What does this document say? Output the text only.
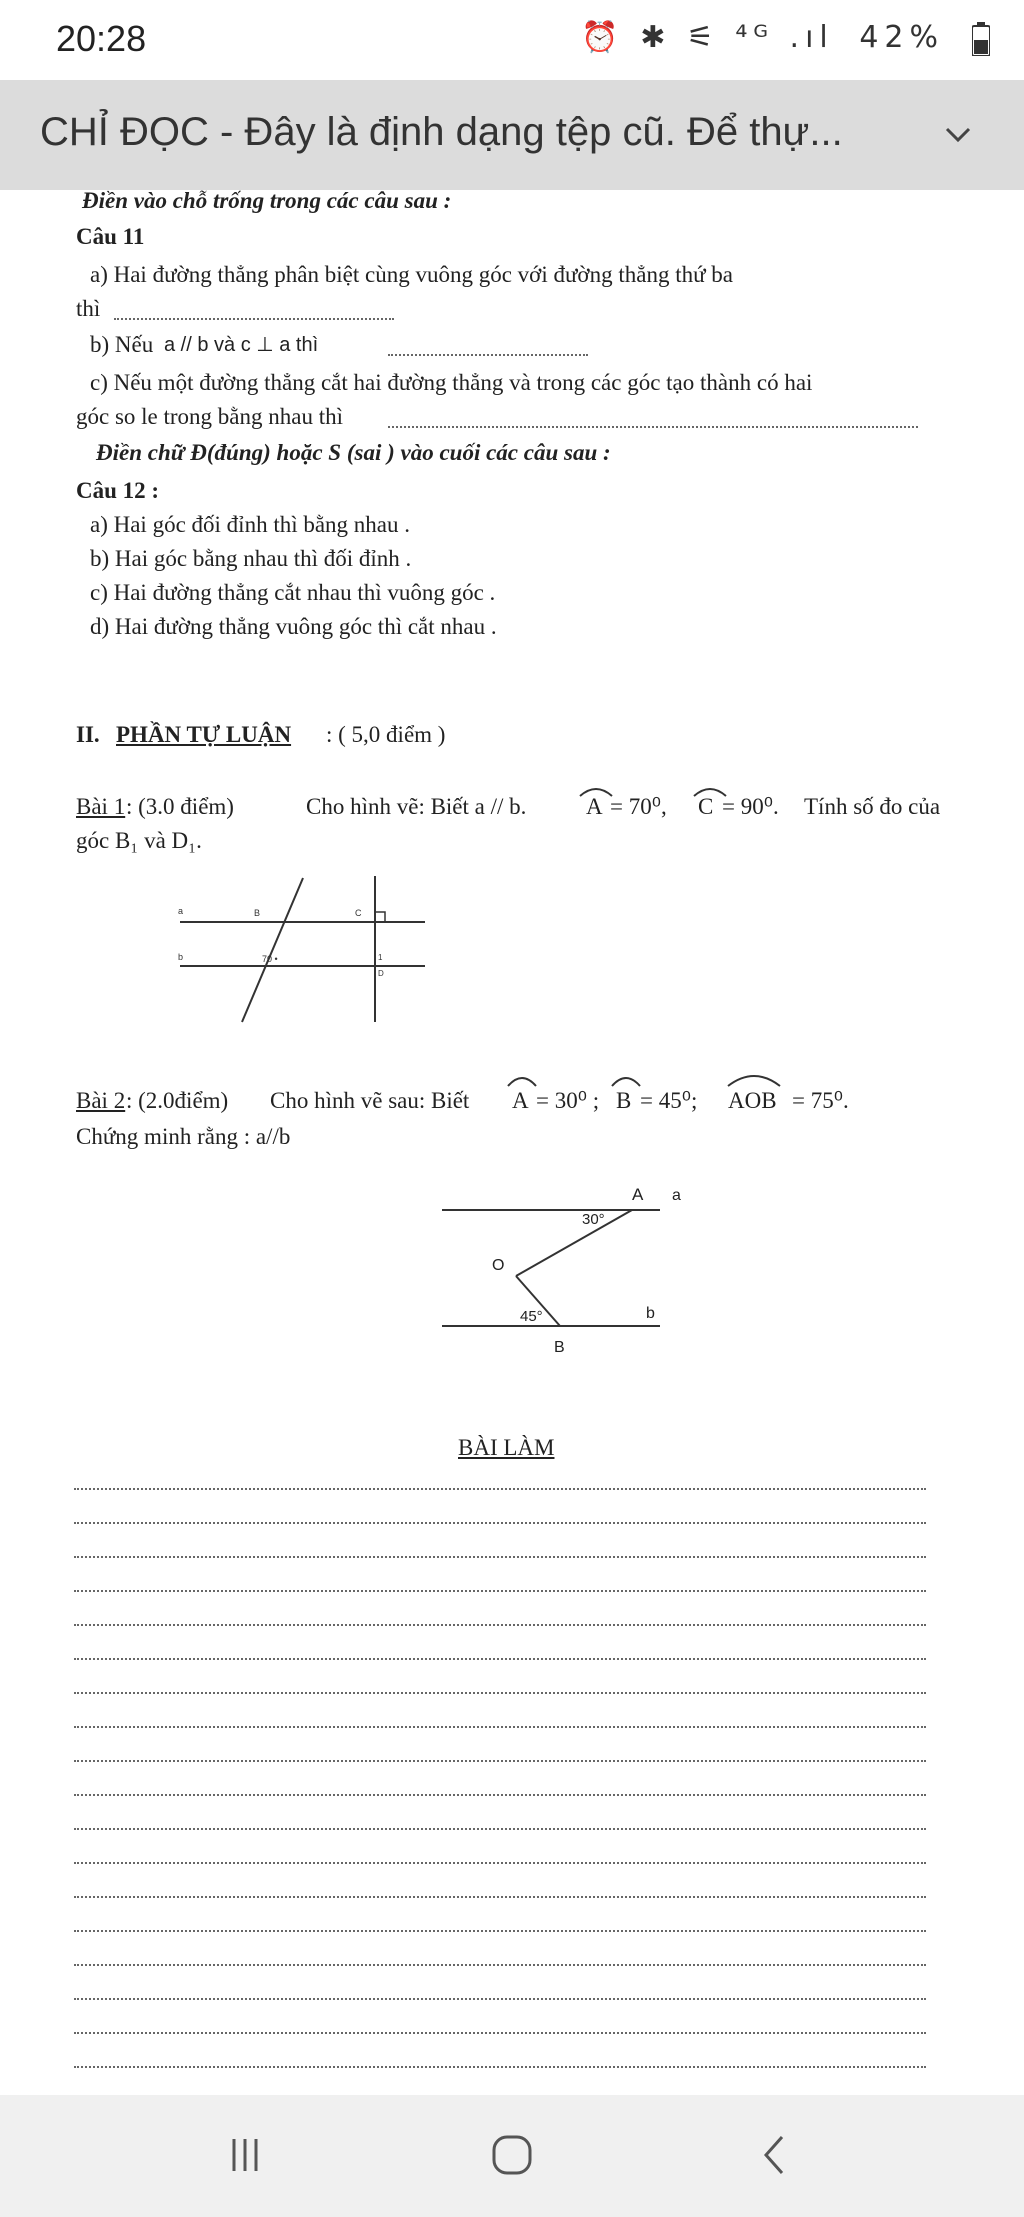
20:28	⏰ ✱ ⚟ ⁴ᴳ .ıl 42%
CHỈ ĐỌC - Đây là định dạng tệp cũ. Để thự...
Điền vào chỗ trống trong các câu sau :
Câu 11
a) Hai đường thẳng phân biệt cùng vuông góc với đường thẳng thứ ba
thì
b) Nếu a // b và c ⊥ a thì
c) Nếu một đường thẳng cắt hai đường thẳng và trong các góc tạo thành có hai
góc so le trong bằng nhau thì
Điền chữ Đ(đúng) hoặc S (sai ) vào cuối các câu sau :
Câu 12 :
a) Hai góc đối đỉnh thì bằng nhau .
b) Hai góc bằng nhau thì đối đỉnh .
c) Hai đường thẳng cắt nhau thì vuông góc .
d) Hai đường thẳng vuông góc thì cắt nhau .
II. PHẦN TỰ LUẬN : ( 5,0 điểm )
Bài 1 : (3.0 điểm)	Cho hình vẽ: Biết a // b.	A = 70⁰, C = 90⁰. Tính số đo của
góc B₁ và D₁.
a
b
B	C
70 •	1
D
Bài 2 : (2.0điểm) Cho hình vẽ sau: Biết A = 30⁰ ; B = 45⁰; AOB = 75⁰.
Chứng minh rằng : a//b
A a
30°
O
45°	b
B
BÀI LÀM
